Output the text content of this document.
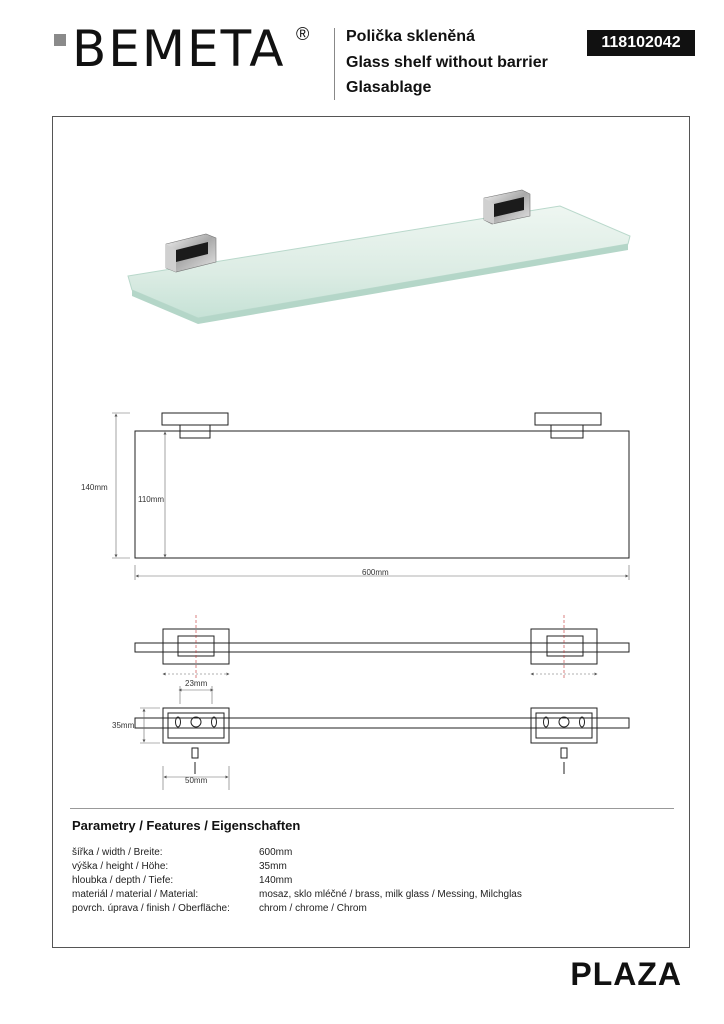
BEMETA ® Polička skleněná
Glass shelf without barrier
Glasablage
118102042
140mm
110mm
600mm
23mm
35mm
50mm
Parametry / Features / Eigenschaften
šířka / width / Breite:	600mm
výška / height / Höhe:	35mm
hloubka / depth / Tiefe:	140mm
materiál / material / Material:	mosaz, sklo mléčné / brass, milk glass / Messing, Milchglas
povrch. úprava / finish / Oberfläche:	chrom / chrome / Chrom
PLAZA
